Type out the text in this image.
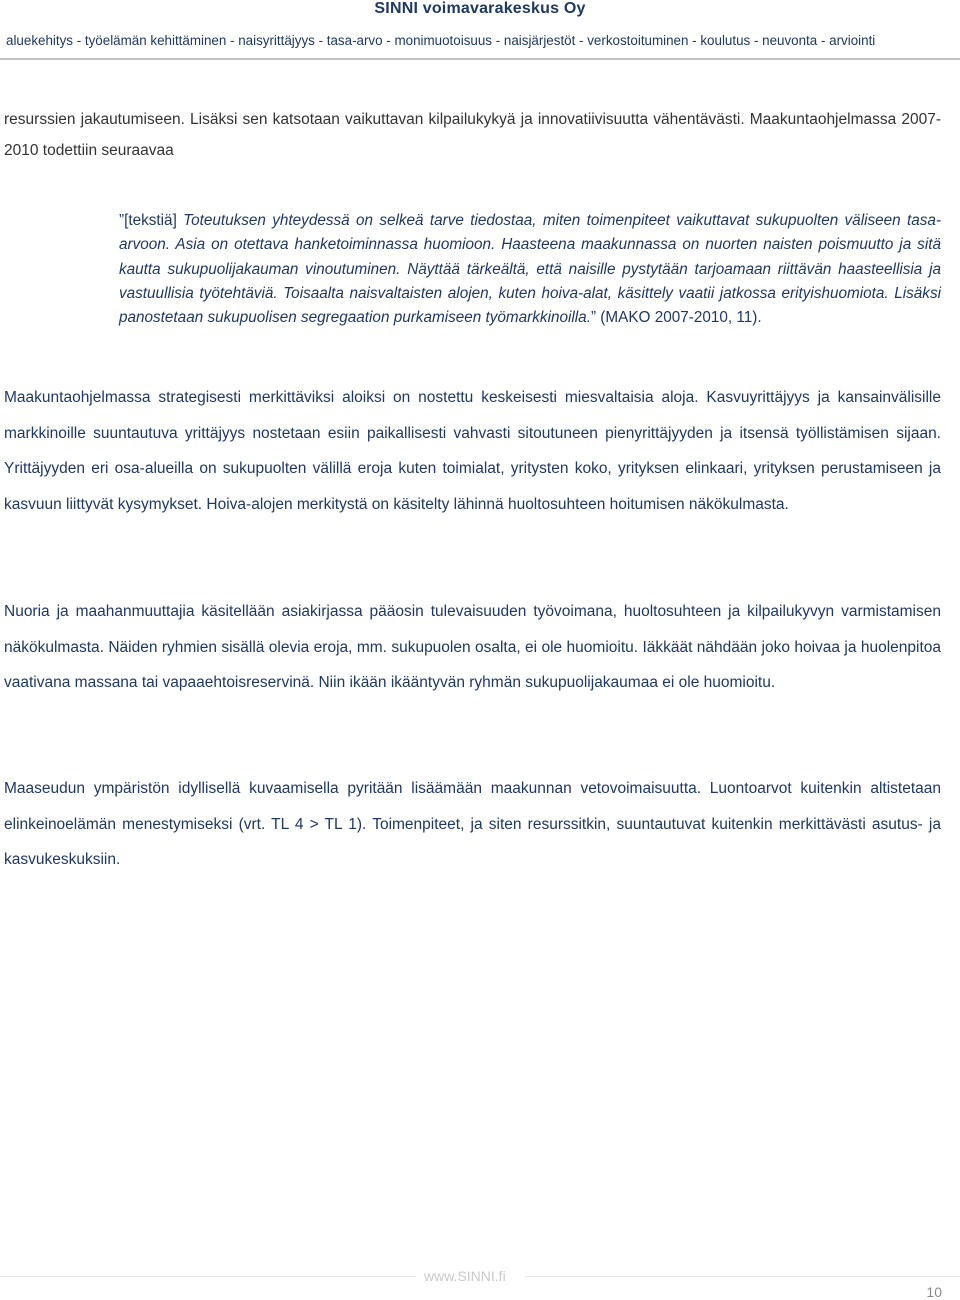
SINNI voimavarakeskus Oy
aluekehitys - työelämän kehittäminen - naisyrittäjyys - tasa-arvo - monimuotoisuus - naisjärjestöt - verkostoituminen - koulutus - neuvonta - arviointi

resurssien jakautumiseen. Lisäksi sen katsotaan vaikuttavan kilpailukykyä ja innovatiivisuutta vähentävästi. Maakuntaohjelmassa 2007-2010 todettiin seuraavaa

”[tekstiä] Toteutuksen yhteydessä on selkeä tarve tiedostaa, miten toimenpiteet vaikuttavat sukupuolten väliseen tasa-arvoon. Asia on otettava hanketoiminnassa huomioon. Haasteena maakunnassa on nuorten naisten poismuutto ja sitä kautta sukupuolijakauman vinoutuminen. Näyttää tärkeältä, että naisille pystytään tarjoamaan riittävän haasteellisia ja vastuullisia työtehtäviä. Toisaalta naisvaltaisten alojen, kuten hoiva-alat, käsittely vaatii jatkossa erityishuomiota. Lisäksi panostetaan sukupuolisen segregaation purkamiseen työmarkkinoilla.” (MAKO 2007-2010, 11).

Maakuntaohjelmassa strategisesti merkittäviksi aloiksi on nostettu keskeisesti miesvaltaisia aloja. Kasvuyrittäjyys ja kansainvälisille markkinoille suuntautuva yrittäjyys nostetaan esiin paikallisesti vahvasti sitoutuneen pienyrittäjyyden ja itsensä työllistämisen sijaan. Yrittäjyyden eri osa-alueilla on sukupuolten välillä eroja kuten toimialat, yritysten koko, yrityksen elinkaari, yrityksen perustamiseen ja kasvuun liittyvät kysymykset. Hoiva-alojen merkitystä on käsitelty lähinnä huoltosuhteen hoitumisen näkökulmasta.

Nuoria ja maahanmuuttajia käsitellään asiakirjassa pääosin tulevaisuuden työvoimana, huoltosuhteen ja kilpailukyvyn varmistamisen näkökulmasta. Näiden ryhmien sisällä olevia eroja, mm. sukupuolen osalta, ei ole huomioitu. Iäkkäät nähdään joko hoivaa ja huolenpitoa vaativana massana tai vapaaehtoisreservinä. Niin ikään ikääntyvän ryhmän sukupuolijakaumaa ei ole huomioitu.

Maaseudun ympäristön idyllisellä kuvaamisella pyritään lisäämään maakunnan vetovoimaisuutta. Luontoarvot kuitenkin altistetaan elinkeinoelämän menestymiseksi (vrt. TL 4 > TL 1). Toimenpiteet, ja siten resurssitkin, suuntautuvat kuitenkin merkittävästi asutus- ja kasvukeskuksiin.

www.SINNI.fi
10
